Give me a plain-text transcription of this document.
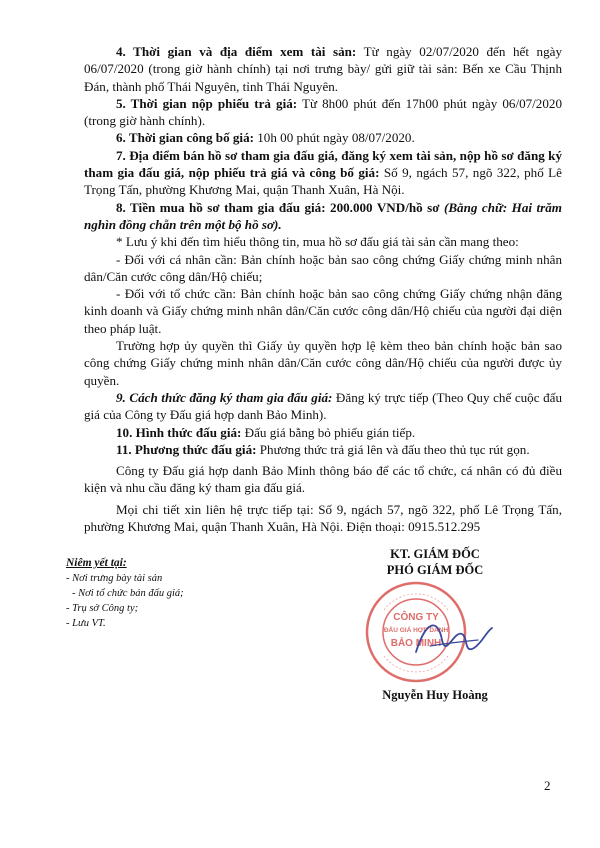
4. Thời gian và địa điểm xem tài sản: Từ ngày 02/07/2020 đến hết ngày 06/07/2020 (trong giờ hành chính) tại nơi trưng bày/ gửi giữ tài sản: Bến xe Cầu Thịnh Đán, thành phố Thái Nguyên, tỉnh Thái Nguyên.

5. Thời gian nộp phiếu trả giá: Từ 8h00 phút đến 17h00 phút ngày 06/07/2020 (trong giờ hành chính).

6. Thời gian công bố giá: 10h 00 phút ngày 08/07/2020.

7. Địa điểm bán hồ sơ tham gia đấu giá, đăng ký xem tài sản, nộp hồ sơ đăng ký tham gia đấu giá, nộp phiếu trả giá và công bố giá: Số 9, ngách 57, ngõ 322, phố Lê Trọng Tấn, phường Khương Mai, quận Thanh Xuân, Hà Nội.

8. Tiền mua hồ sơ tham gia đấu giá: 200.000 VND/hồ sơ (Bằng chữ: Hai trăm nghìn đồng chẵn trên một bộ hồ sơ).

* Lưu ý khi đến tìm hiểu thông tin, mua hồ sơ đấu giá tài sản cần mang theo:

- Đối với cá nhân cần: Bản chính hoặc bản sao công chứng Giấy chứng minh nhân dân/Căn cước công dân/Hộ chiếu;

- Đối với tổ chức cần: Bản chính hoặc bản sao công chứng Giấy chứng nhận đăng kinh doanh và Giấy chứng minh nhân dân/Căn cước công dân/Hộ chiếu của người đại diện theo pháp luật.

Trường hợp ủy quyền thì Giấy ủy quyền hợp lệ kèm theo bản chính hoặc bản sao công chứng Giấy chứng minh nhân dân/Căn cước công dân/Hộ chiếu của người được ủy quyền.

9. Cách thức đăng ký tham gia đấu giá: Đăng ký trực tiếp (Theo Quy chế cuộc đấu giá của Công ty Đấu giá hợp danh Bảo Minh).

10. Hình thức đấu giá: Đấu giá bằng bỏ phiếu gián tiếp.

11. Phương thức đấu giá: Phương thức trả giá lên và đấu theo thủ tục rút gọn.

Công ty Đấu giá hợp danh Bảo Minh thông báo để các tổ chức, cá nhân có đủ điều kiện và nhu cầu đăng ký tham gia đấu giá.

Mọi chi tiết xin liên hệ trực tiếp tại: Số 9, ngách 57, ngõ 322, phố Lê Trọng Tấn, phường Khương Mai, quận Thanh Xuân, Hà Nội. Điện thoại: 0915.512.295

Niêm yết tại:
- Nơi trưng bày tài sản
- Nơi tổ chức bán đấu giá;
- Trụ sở Công ty;
- Lưu VT.
KT. GIÁM ĐỐC
PHÓ GIÁM ĐỐC
CÔNG TY
ĐẤU GIÁ HỢP DANH
BẢO MINH
Nguyễn Huy Hoàng
2
